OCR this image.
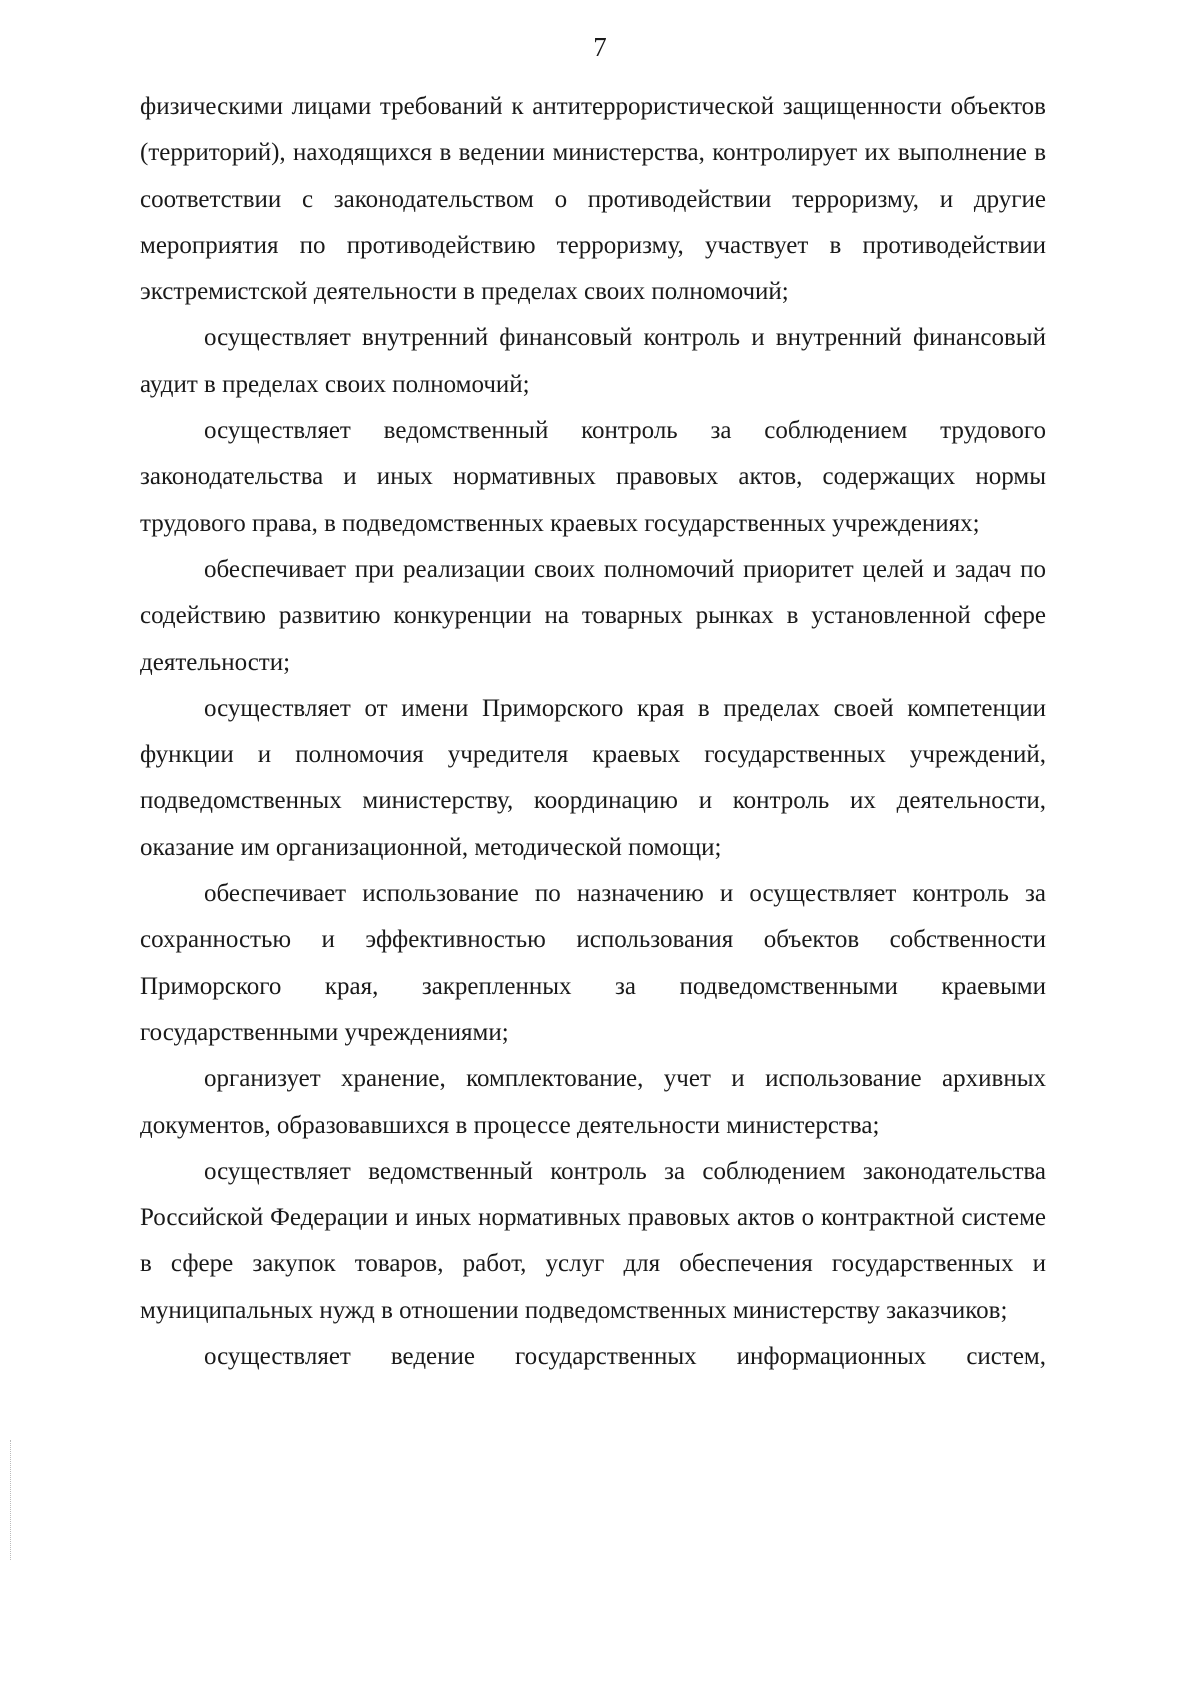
7

физическими лицами требований к антитеррористической защищенности объектов (территорий), находящихся в ведении министерства, контролирует их выполнение в соответствии с законодательством о противодействии терроризму, и другие мероприятия по противодействию терроризму, участвует в противодействии экстремистской деятельности в пределах своих полномочий;

осуществляет внутренний финансовый контроль и внутренний финансовый аудит в пределах своих полномочий;

осуществляет ведомственный контроль за соблюдением трудового законодательства и иных нормативных правовых актов, содержащих нормы трудового права, в подведомственных краевых государственных учреждениях;

обеспечивает при реализации своих полномочий приоритет целей и задач по содействию развитию конкуренции на товарных рынках в установленной сфере деятельности;

осуществляет от имени Приморского края в пределах своей компетенции функции и полномочия учредителя краевых государственных учреждений, подведомственных министерству, координацию и контроль их деятельности, оказание им организационной, методической помощи;

обеспечивает использование по назначению и осуществляет контроль за сохранностью и эффективностью использования объектов собственности Приморского края, закрепленных за подведомственными краевыми государственными учреждениями;

организует хранение, комплектование, учет и использование архивных документов, образовавшихся в процессе деятельности министерства;

осуществляет ведомственный контроль за соблюдением законодательства Российской Федерации и иных нормативных правовых актов о контрактной системе в сфере закупок товаров, работ, услуг для обеспечения государственных и муниципальных нужд в отношении подведомственных министерству заказчиков;

осуществляет ведение государственных информационных систем,
